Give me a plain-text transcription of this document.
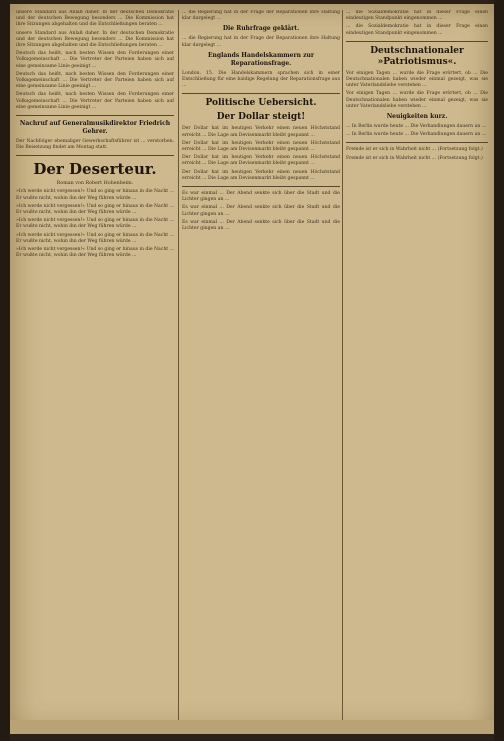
unsere Standard aus Anlaß daher. In der deutschen Demokratie und der deutschen Bewegung besonders ... Die Kommission hat ihre Sitzungen abgehalten und die Entschließungen beraten ...

unsere Standard aus Anlaß daher. In der deutschen Demokratie und der deutschen Bewegung besonders ... Die Kommission hat ihre Sitzungen abgehalten und die Entschließungen beraten ...

Deutsch das heißt, nach besten Wissen den Forderungen einer Volksgemeinschaft ... Die Vertreter der Parteien haben sich auf eine gemeinsame Linie geeinigt ...

Deutsch das heißt, nach besten Wissen den Forderungen einer Volksgemeinschaft ... Die Vertreter der Parteien haben sich auf eine gemeinsame Linie geeinigt ...

Deutsch das heißt, nach besten Wissen den Forderungen einer Volksgemeinschaft ... Die Vertreter der Parteien haben sich auf eine gemeinsame Linie geeinigt ...

Nachruf auf Generalmusikdirektor Friedrich Gehrer.

Der Nachfolger ehemaliger Gewerkschaftsführer ist ... verstorben. Die Beisetzung findet am Montag statt.

Der Deserteur.
Roman von Robert Hohenheim.

»Ich werde nicht vergessen!« Und so ging er hinaus in die Nacht ... Er wußte nicht, wohin ihn der Weg führen würde ...

»Ich werde nicht vergessen!« Und so ging er hinaus in die Nacht ... Er wußte nicht, wohin ihn der Weg führen würde ...

»Ich werde nicht vergessen!« Und so ging er hinaus in die Nacht ... Er wußte nicht, wohin ihn der Weg führen würde ...

»Ich werde nicht vergessen!« Und so ging er hinaus in die Nacht ... Er wußte nicht, wohin ihn der Weg führen würde ...

»Ich werde nicht vergessen!« Und so ging er hinaus in die Nacht ... Er wußte nicht, wohin ihn der Weg führen würde ...

... die Regierung hat in der Frage der Reparationen ihre Haltung klar dargelegt ...

Die Ruhrfrage geklärt.

... die Regierung hat in der Frage der Reparationen ihre Haltung klar dargelegt ...

Englands Handelskammern zur Reparationsfrage.

London, 15. Die Handelskammern sprachen sich in einer Entschließung für eine baldige Regelung der Reparationsfrage aus ...

Politische Uebersicht.
Der Dollar steigt!

Der Dollar hat im heutigen Verkehr einen neuen Höchststand erreicht ... Die Lage am Devisenmarkt bleibt gespannt ...

Der Dollar hat im heutigen Verkehr einen neuen Höchststand erreicht ... Die Lage am Devisenmarkt bleibt gespannt ...

Der Dollar hat im heutigen Verkehr einen neuen Höchststand erreicht ... Die Lage am Devisenmarkt bleibt gespannt ...

Der Dollar hat im heutigen Verkehr einen neuen Höchststand erreicht ... Die Lage am Devisenmarkt bleibt gespannt ...

Es war einmal ... Der Abend senkte sich über die Stadt und die Lichter gingen an ...

Es war einmal ... Der Abend senkte sich über die Stadt und die Lichter gingen an ...

Es war einmal ... Der Abend senkte sich über die Stadt und die Lichter gingen an ...

... die Sozialdemokratie hat in dieser Frage einen eindeutigen Standpunkt eingenommen ...

... die Sozialdemokratie hat in dieser Frage einen eindeutigen Standpunkt eingenommen ...

Deutschnationaler »Patriotismus«.

Vor einigen Tagen ... wurde die Frage erörtert, ob ... Die Deutschnationalen haben wieder einmal gezeigt, was sie unter Vaterlandsliebe verstehen ...

Vor einigen Tagen ... wurde die Frage erörtert, ob ... Die Deutschnationalen haben wieder einmal gezeigt, was sie unter Vaterlandsliebe verstehen ...

Neuigkeiten kurz.

... In Berlin wurde heute ... Die Verhandlungen dauern an ...

... In Berlin wurde heute ... Die Verhandlungen dauern an ...

Fremde ist er sich in Wahrheit nicht ... (Fortsetzung folgt.)

Fremde ist er sich in Wahrheit nicht ... (Fortsetzung folgt.)
